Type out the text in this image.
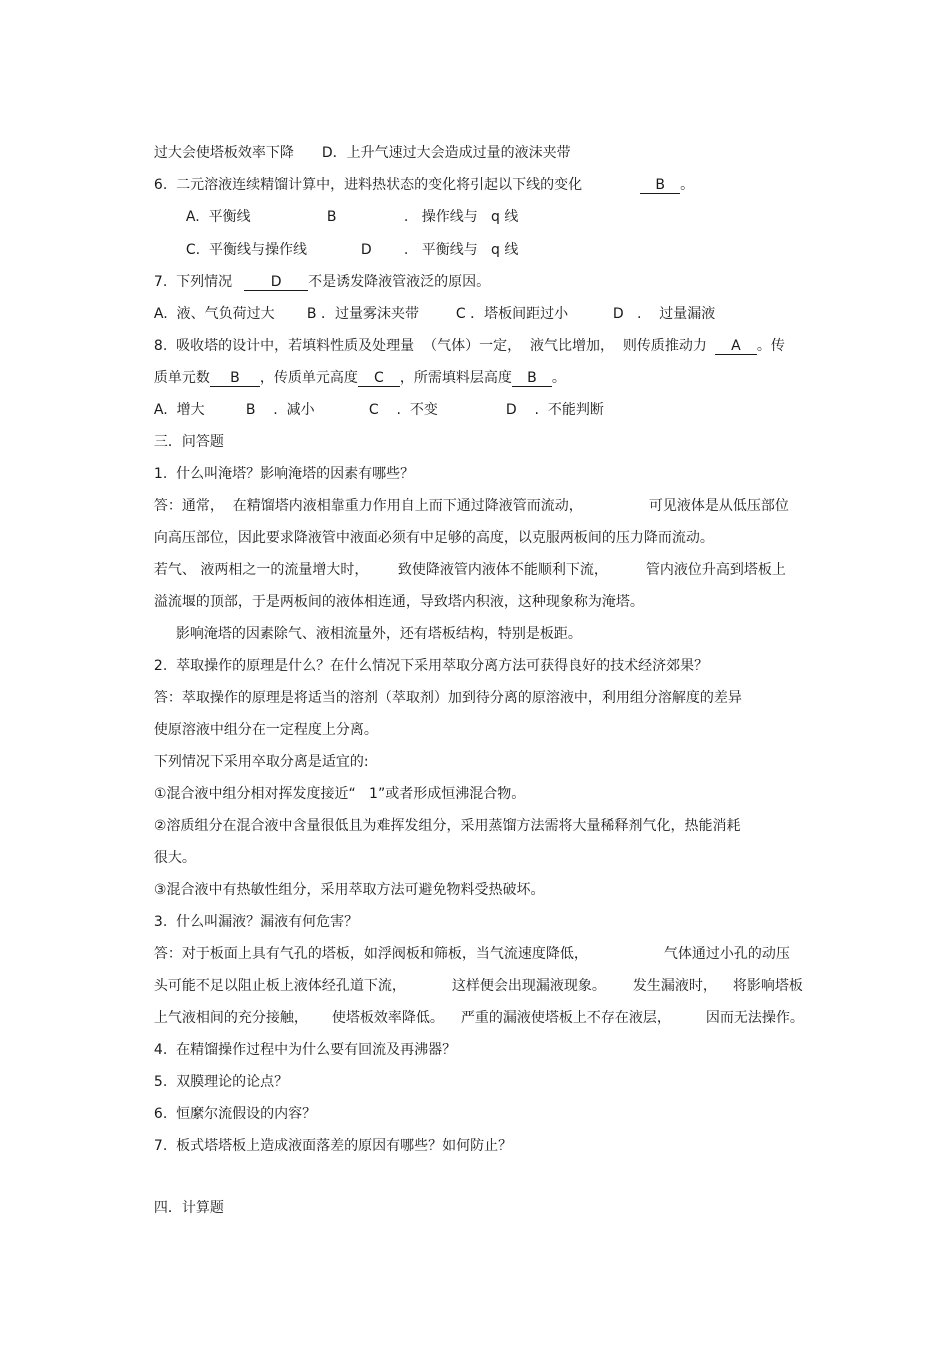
过大会使塔板效率下降 D．上升气速过大会造成过量的液沫夹带

6.  二元溶液连续精馏计算中，进料热状态的变化将引起以下线的变化	B 。

A.  平衡线	B	.   操作线与   q 线

C.  平衡线与操作线	D	.   平衡线与   q 线

7.  下列情况	D 不是诱发降液管液泛的原因。

A.  液、气负荷过大	B ．过量雾沫夹带	C ．塔板间距过小	D   .    过量漏液

8.  吸收塔的设计中，若填料性质及处理量  （气体）一定，  液气比增加，  则传质推动力 A 。传

质单元数 B ，传质单元高度 C ，所需填料层高度 B 。

A.  增大	B    .  减小	C    .  不变	D    .  不能判断

三．问答题

1.  什么叫淹塔？影响淹塔的因素有哪些？

答：通常，  在精馏塔内液相靠重力作用自上而下通过降液管而流动，	可见液体是从低压部位

向高压部位，因此要求降液管中液面必须有中足够的高度，以克服两板间的压力降而流动。

若气、 液两相之一的流量增大时，	致使降液管内液体不能顺利下流，	管内液位升高到塔板上

溢流堰的顶部，于是两板间的液体相连通，导致塔内积液，这种现象称为淹塔。

影响淹塔的因素除气、液相流量外，还有塔板结构，特别是板距。

2.  萃取操作的原理是什么？在什么情况下采用萃取分离方法可获得良好的技术经济郊果？

答：萃取操作的原理是将适当的溶剂（萃取剂）加到待分离的原溶液中，利用组分溶解度的差异

使原溶液中组分在一定程度上分离。

下列情况下采用卒取分离是适宜的:

①混合液中组分相对挥发度接近“   1”或者形成恒沸混合物。

②溶质组分在混合液中含量很低且为难挥发组分，采用蒸馏方法需将大量稀释剂气化，热能消耗

很大。

③混合液中有热敏性组分，采用萃取方法可避免物料受热破坏。

3.  什么叫漏液？漏液有何危害？

答：对于板面上具有气孔的塔板，如浮阀板和筛板，当气流速度降低，	气体通过小孔的动压

头可能不足以阻止板上液体经孔道下流，	这样便会出现漏液现象。	发生漏液时，	将影响塔板

上气液相间的充分接触，	使塔板效率降低。	严重的漏液使塔板上不存在液层，	因而无法操作。

4.  在精馏操作过程中为什么要有回流及再沸器？

5.  双膜理论的论点？

6.  恒縻尔流假设的内容？

7.  板式塔塔板上造成液面落差的原因有哪些？如何防止？

四．计算题
